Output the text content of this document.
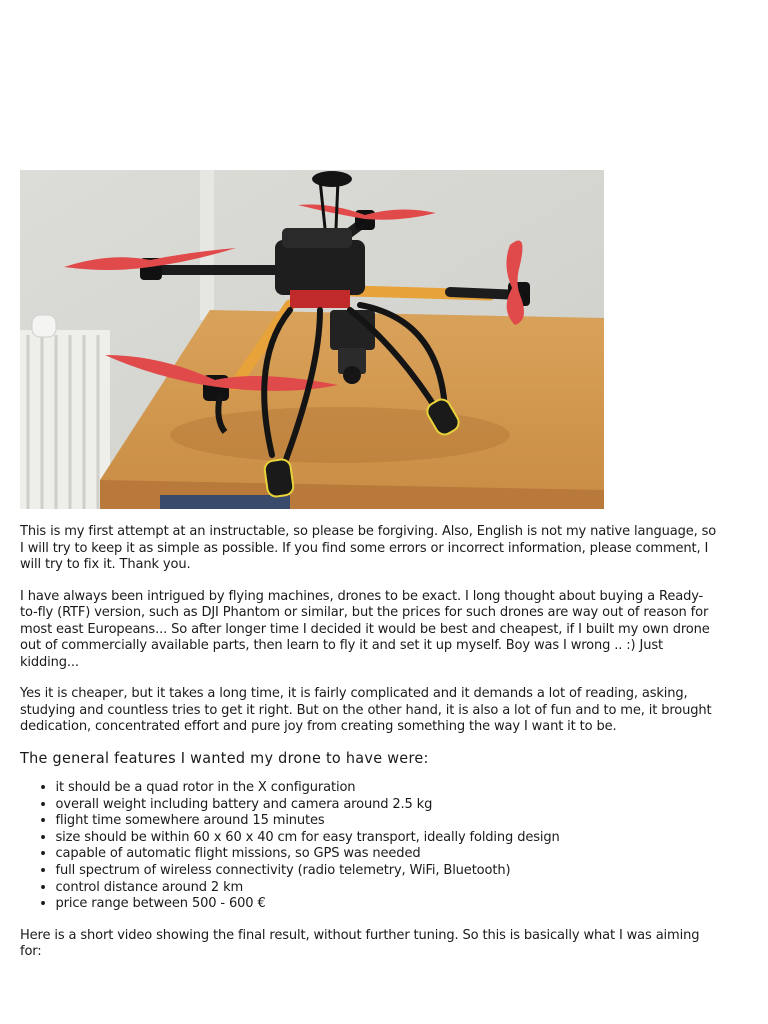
This is my first attempt at an instructable, so please be forgiving. Also, English is not my native language, so I will try to keep it as simple as possible. If you find some errors or incorrect information, please comment, I will try to fix it. Thank you.

I have always been intrigued by flying machines, drones to be exact. I long thought about buying a Ready-to-fly (RTF) version, such as DJI Phantom or similar, but the prices for such drones are way out of reason for most east Europeans... So after longer time I decided it would be best and cheapest, if I built my own drone out of commercially available parts, then learn to fly it and set it up myself. Boy was I wrong .. :) Just kidding...

Yes it is cheaper, but it takes a long time, it is fairly complicated and it demands a lot of reading, asking, studying and countless tries to get it right. But on the other hand, it is also a lot of fun and to me, it brought dedication, concentrated effort and pure joy from creating something the way I want it to be.

The general features I wanted my drone to have were:
• it should be a quad rotor in the X configuration
• overall weight including battery and camera around 2.5 kg
• flight time somewhere around 15 minutes
• size should be within 60 x 60 x 40 cm for easy transport, ideally folding design
• capable of automatic flight missions, so GPS was needed
• full spectrum of wireless connectivity (radio telemetry, WiFi, Bluetooth)
• control distance around 2 km
• price range between 500 - 600 €

Here is a short video showing the final result, without further tuning. So this is basically what I was aiming for:
